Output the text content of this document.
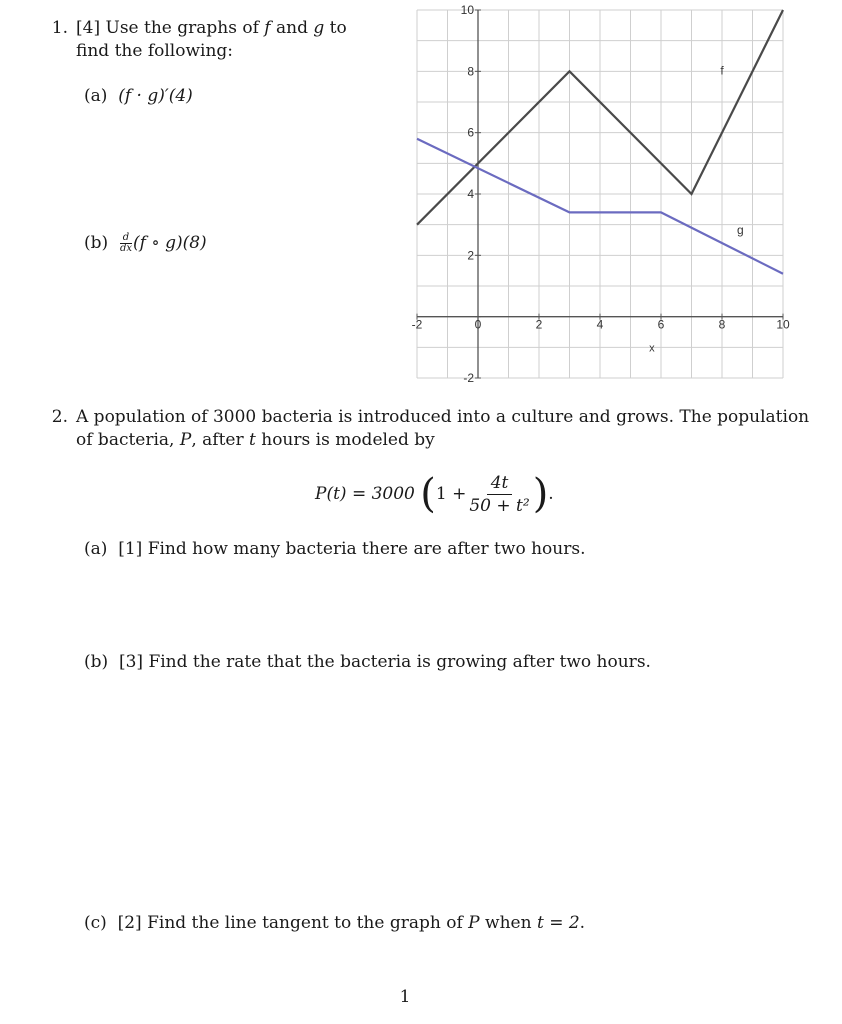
1. [4] Use the graphs of f and g to
find the following:
(a) (f · g)′(4)
$(b) \frac{d}{dx} (f$ ∘ g)(8)
-2	0	2	4	6	8	10
-2
2
4
6
8
10
f
g
x
2. A population of 3000 bacteria is introduced into a culture and grows. The population
of bacteria, P, after t hours is modeled by
P(t) = 3000
( $1 + \frac{4t}{\text{50 + t²}}$ ) .
(a) [1] Find how many bacteria there are after two hours.
(b) [3] Find the rate that the bacteria is growing after two hours.
(c) [2] Find the line tangent to the graph of P when t = 2.
1
